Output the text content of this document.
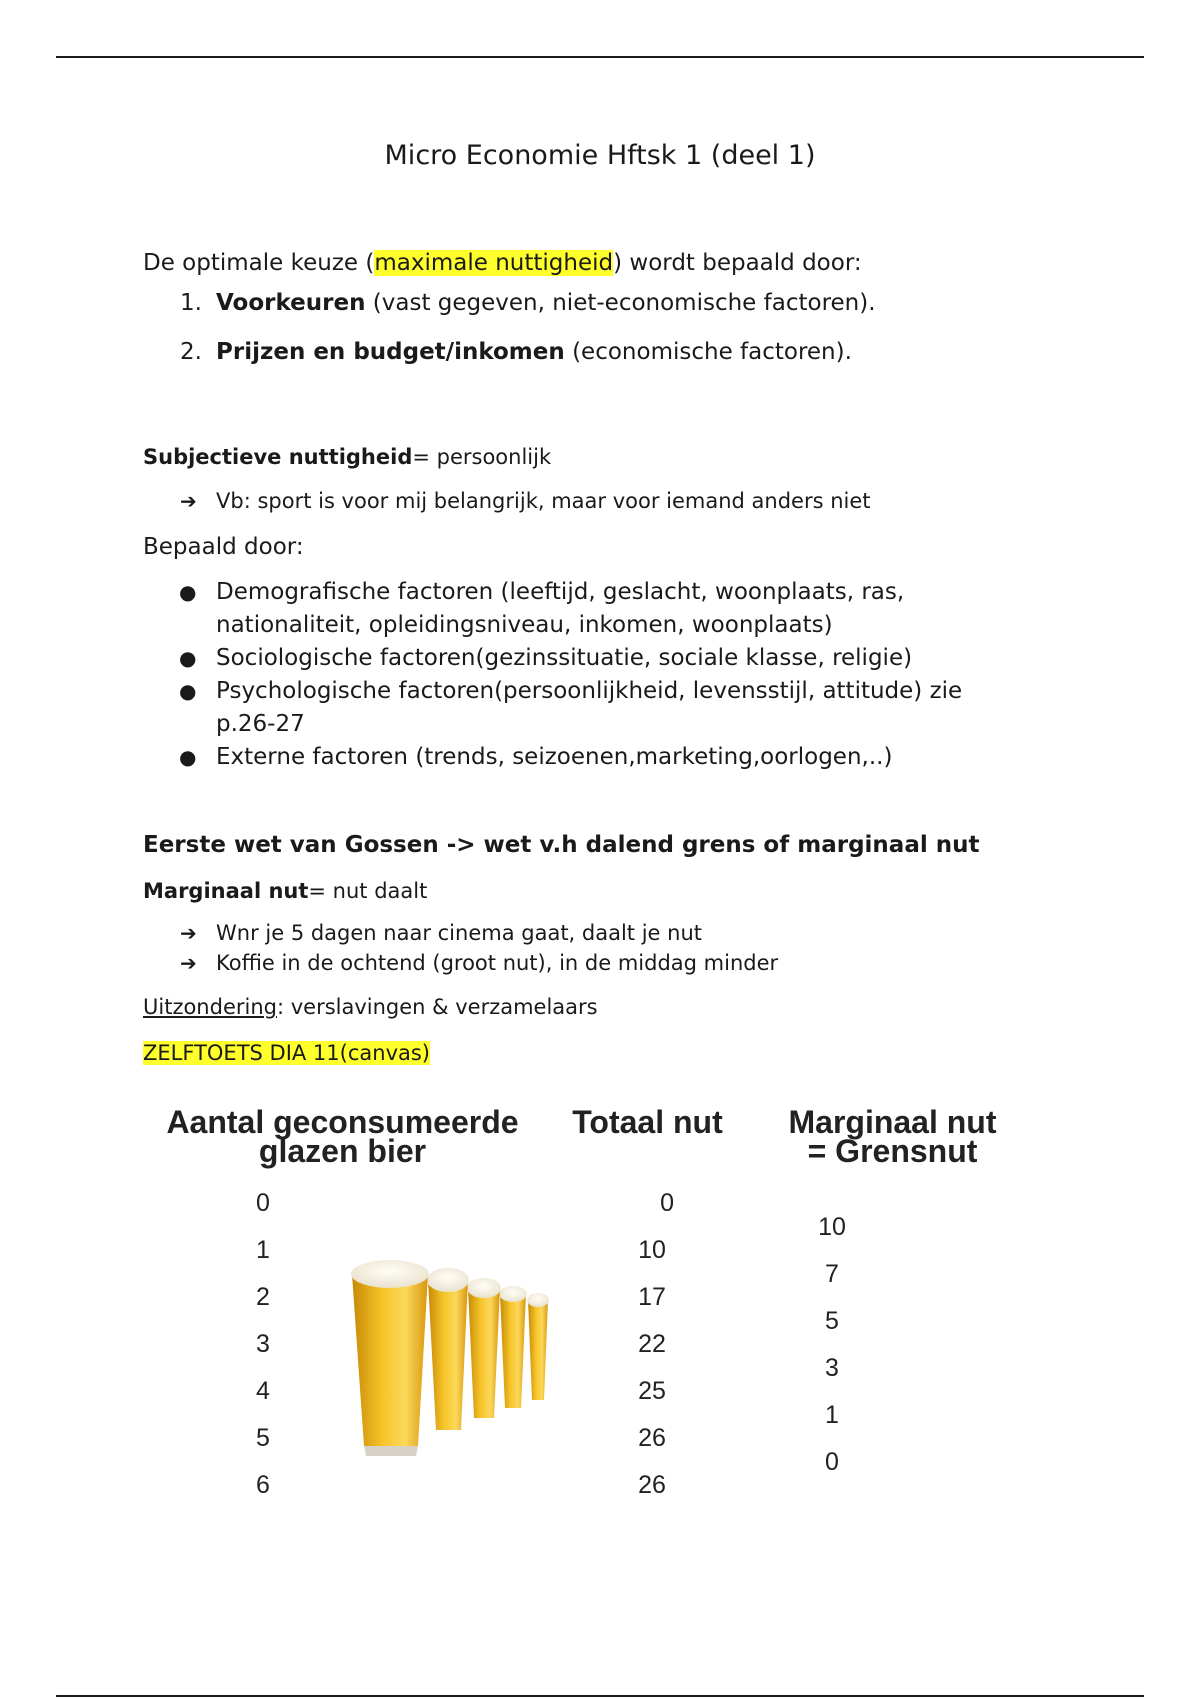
Micro Economie Hftsk 1 (deel 1)

De optimale keuze (maximale nuttigheid) wordt bepaald door:

1. Voorkeuren (vast gegeven, niet-economische factoren).
2. Prijzen en budget/inkomen (economische factoren).

Subjectieve nuttigheid= persoonlijk

➔ Vb: sport is voor mij belangrijk, maar voor iemand anders niet

Bepaald door:

● Demografische factoren (leeftijd, geslacht, woonplaats, ras,
nationaliteit, opleidingsniveau, inkomen, woonplaats)
● Sociologische factoren(gezinssituatie, sociale klasse, religie)
● Psychologische factoren(persoonlijkheid, levensstijl, attitude) zie
p.26-27
● Externe factoren (trends, seizoenen,marketing,oorlogen,..)

Eerste wet van Gossen -> wet v.h dalend grens of marginaal nut

Marginaal nut= nut daalt

➔ Wnr je 5 dagen naar cinema gaat, daalt je nut
➔ Koffie in de ochtend (groot nut), in de middag minder

Uitzondering: verslavingen & verzamelaars

ZELFTOETS DIA 11(canvas)

Aantal geconsumeerde
glazen bier
Totaal nut	Marginaal nut
= Grensnut
0
1
2
3
4
5
6
0
10
17
22
25
26
26
10
7
5
3
1
0
